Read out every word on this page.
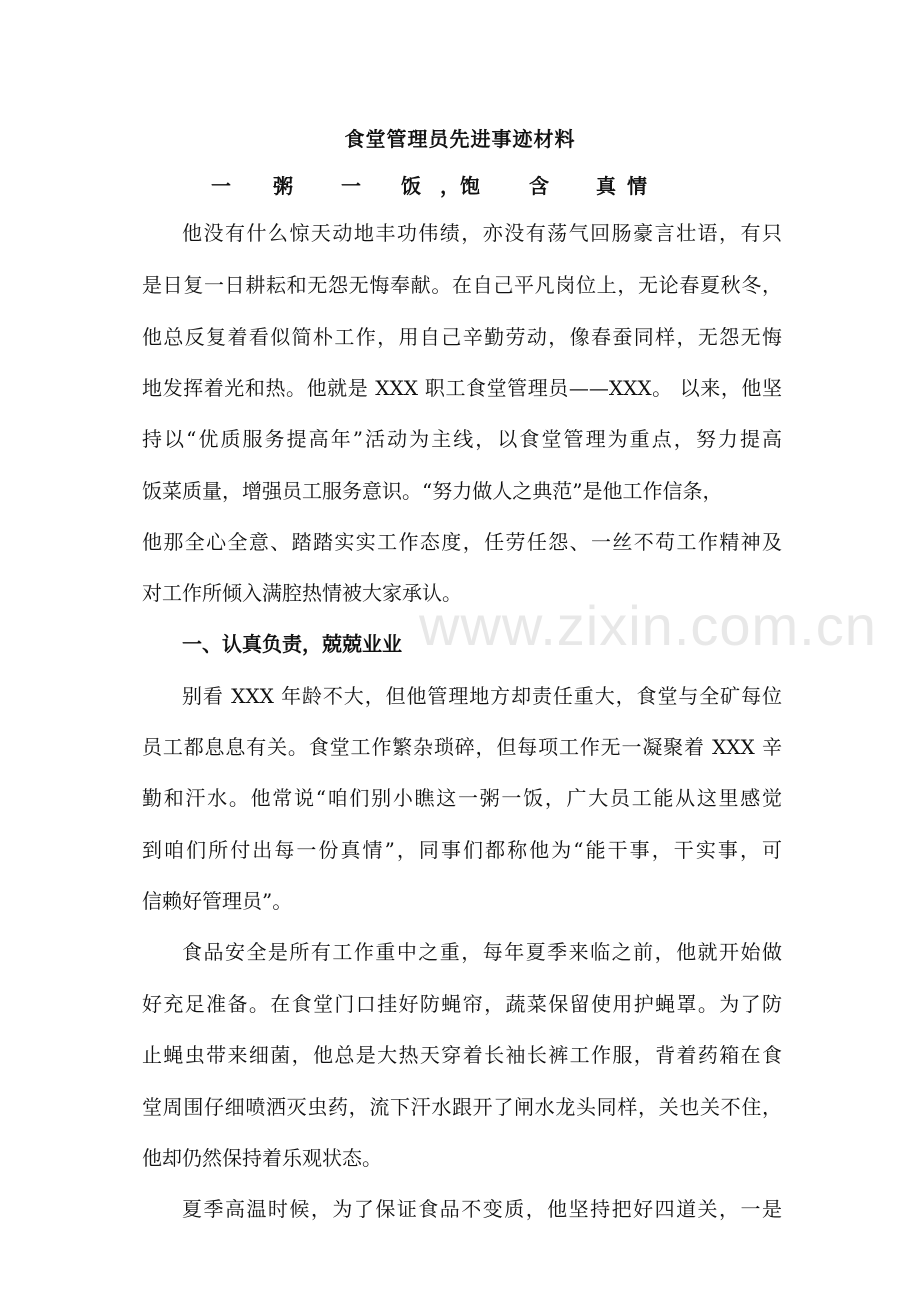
食堂管理员先进事迹材料
一 粥 一 饭 ，饱 含 真 情
他没有什么惊天动地丰功伟绩，亦没有荡气回肠豪言壮语，有只
是日复一日耕耘和无怨无悔奉献。在自己平凡岗位上，无论春夏秋冬，
他总反复着看似简朴工作，用自己辛勤劳动，像春蚕同样，无怨无悔
地发挥着光和热。他就是 XXX 职工食堂管理员——XXX。 以来，他坚
持以“优质服务提高年”活动为主线，以食堂管理为重点，努力提高
饭菜质量，增强员工服务意识。“努力做人之典范”是他工作信条，
他那全心全意、踏踏实实工作态度，任劳任怨、一丝不苟工作精神及
对工作所倾入满腔热情被大家承认。
一、认真负责，兢兢业业
别看 XXX 年龄不大，但他管理地方却责任重大，食堂与全矿每位
员工都息息有关。食堂工作繁杂琐碎，但每项工作无一凝聚着 XXX 辛
勤和汗水。他常说“咱们别小瞧这一粥一饭，广大员工能从这里感觉
到咱们所付出每一份真情”，同事们都称他为“能干事，干实事，可
信赖好管理员”。
食品安全是所有工作重中之重，每年夏季来临之前，他就开始做
好充足准备。在食堂门口挂好防蝇帘，蔬菜保留使用护蝇罩。为了防
止蝇虫带来细菌，他总是大热天穿着长袖长裤工作服，背着药箱在食
堂周围仔细喷洒灭虫药，流下汗水跟开了闸水龙头同样，关也关不住，
他却仍然保持着乐观状态。
夏季高温时候，为了保证食品不变质，他坚持把好四道关，一是
www.zixin.com.cn
